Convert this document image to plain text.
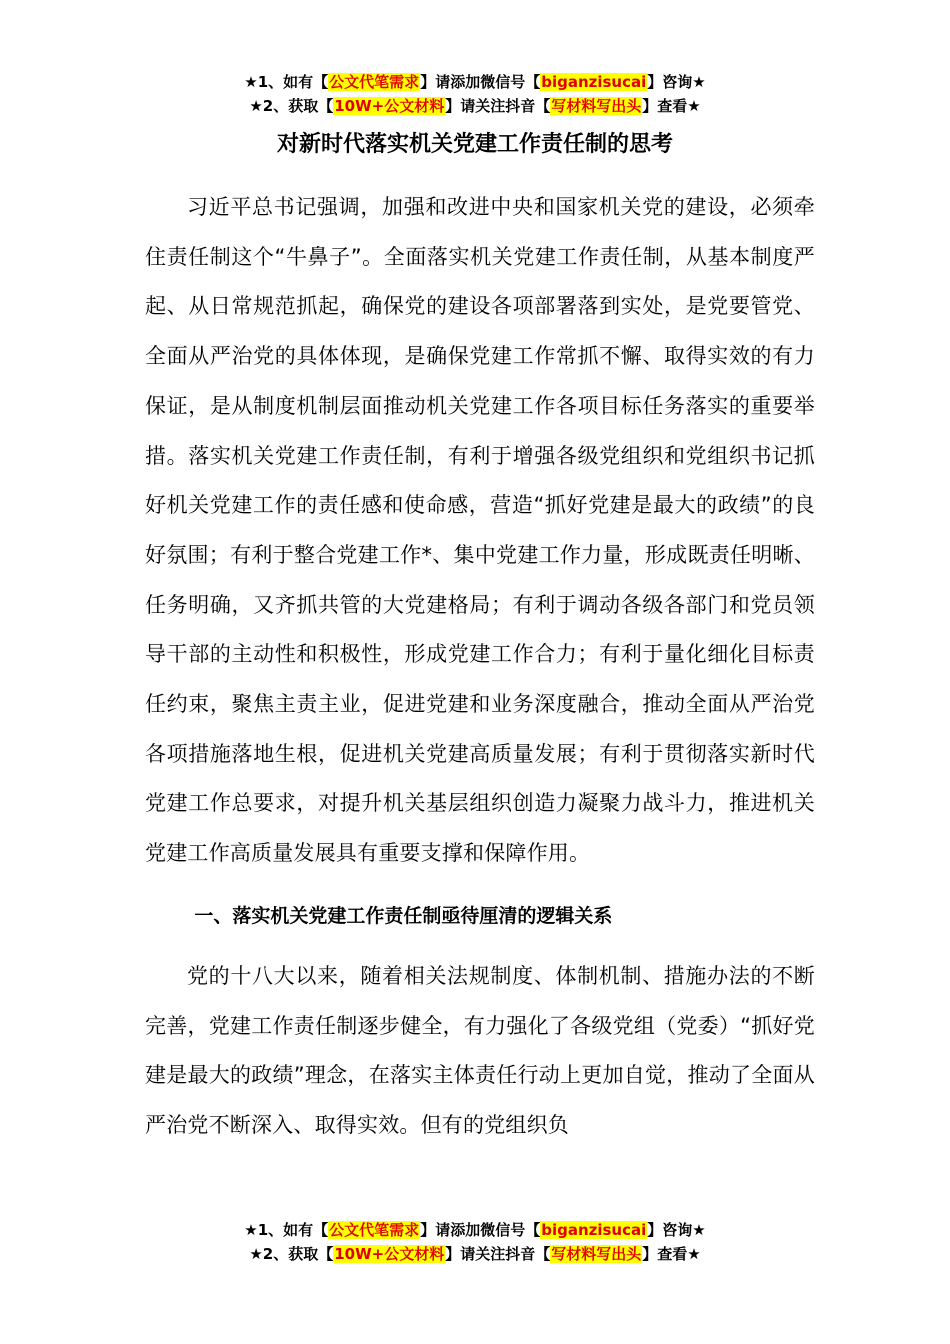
★1、如有【公文代笔需求】请添加微信号【biganzisucai】咨询★
★2、获取【10W+公文材料】请关注抖音【写材料写出头】查看★
对新时代落实机关党建工作责任制的思考

习近平总书记强调，加强和改进中央和国家机关党的建设，必须牵住责任制这个“牛鼻子”。全面落实机关党建工作责任制，从基本制度严起、从日常规范抓起，确保党的建设各项部署落到实处，是党要管党、全面从严治党的具体体现，是确保党建工作常抓不懈、取得实效的有力保证，是从制度机制层面推动机关党建工作各项目标任务落实的重要举措。落实机关党建工作责任制，有利于增强各级党组织和党组织书记抓好机关党建工作的责任感和使命感，营造“抓好党建是最大的政绩”的良好氛围；有利于整合党建工作*、集中党建工作力量，形成既责任明晰、任务明确，又齐抓共管的大党建格局；有利于调动各级各部门和党员领导干部的主动性和积极性，形成党建工作合力；有利于量化细化目标责任约束，聚焦主责主业，促进党建和业务深度融合，推动全面从严治党各项措施落地生根，促进机关党建高质量发展；有利于贯彻落实新时代党建工作总要求，对提升机关基层组织创造力凝聚力战斗力，推进机关党建工作高质量发展具有重要支撑和保障作用。

一、落实机关党建工作责任制亟待厘清的逻辑关系

党的十八大以来，随着相关法规制度、体制机制、措施办法的不断完善，党建工作责任制逐步健全，有力强化了各级党组（党委）“抓好党建是最大的政绩”理念，在落实主体责任行动上更加自觉，推动了全面从严治党不断深入、取得实效。但有的党组织负

★1、如有【公文代笔需求】请添加微信号【biganzisucai】咨询★
★2、获取【10W+公文材料】请关注抖音【写材料写出头】查看★
